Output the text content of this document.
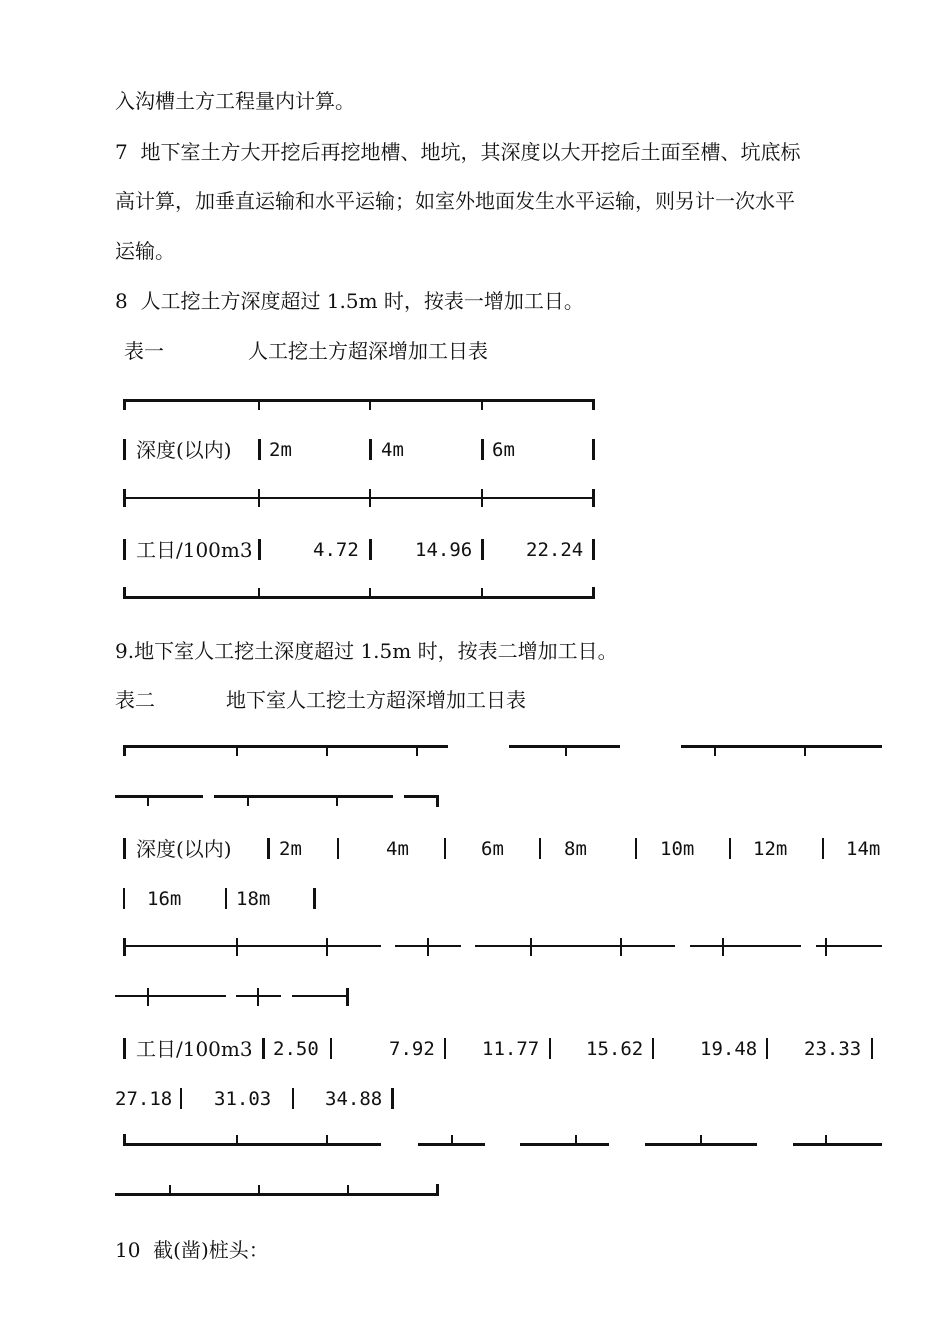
入沟槽土方工程量内计算。
7  地下室土方大开挖后再挖地槽、地坑，其深度以大开挖后土面至槽、坑底标
高计算，加垂直运输和水平运输；如室外地面发生水平运输，则另计一次水平
运输。
8  人工挖土方深度超过 1.5m 时，按表一增加工日。
表一	人工挖土方超深增加工日表
深度(以内) 2m	4m	6m
工日/100m3	4.72	14.96	22.24
9.地下室人工挖土深度超过 1.5m 时，按表二增加工日。
表二	地下室人工挖土方超深增加工日表
深度(以内) 2m	4m	6m	8m	10m	12m	14m
16m	18m
工日/100m3 2.50	7.92 11.77 15.62	19.48 23.33
27.18 31.03	34.88
10  截(凿)桩头：
